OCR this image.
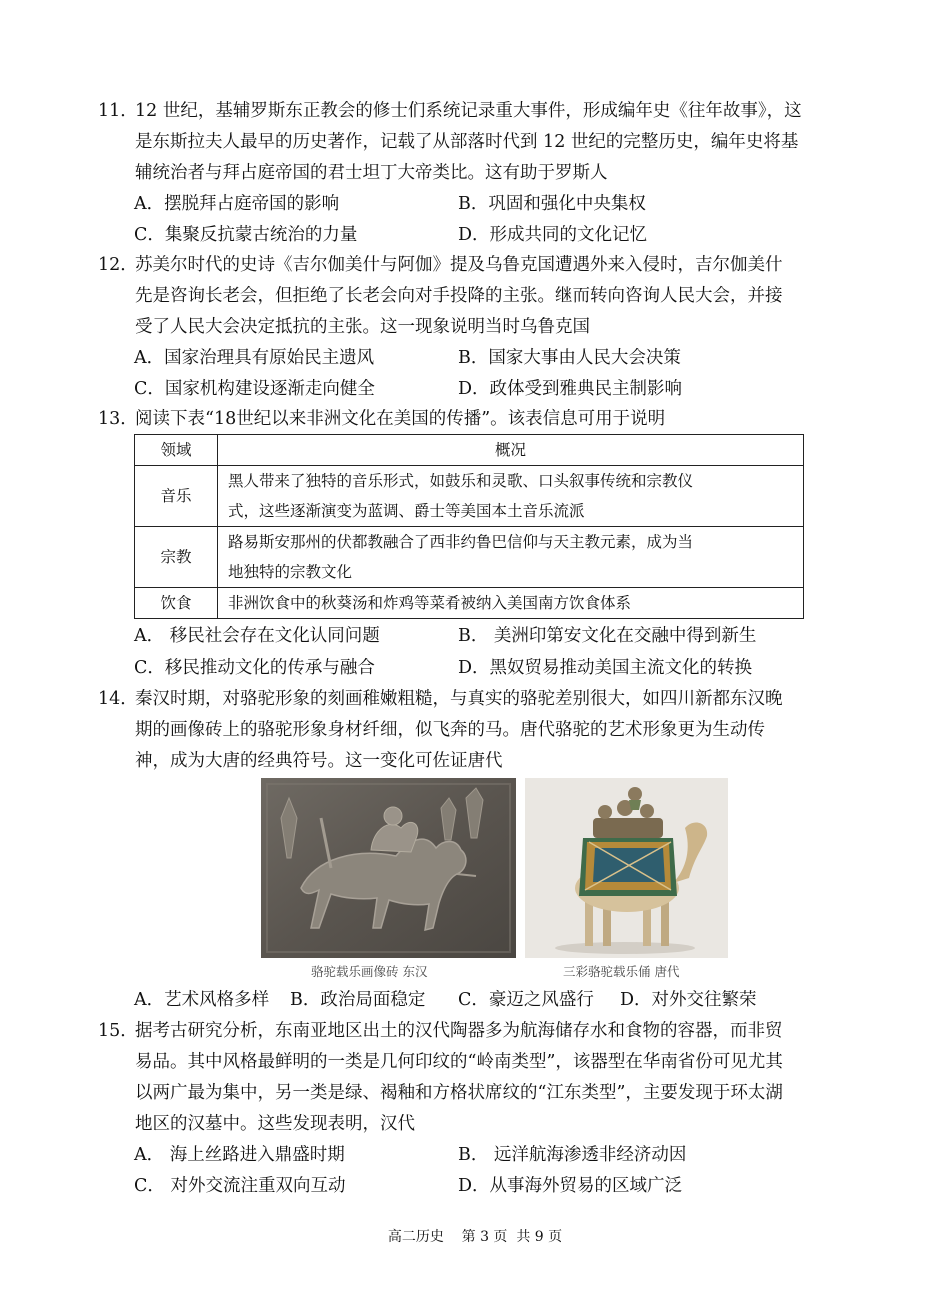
11．
12 世纪，基辅罗斯东正教会的修士们系统记录重大事件，形成编年史《往年故事》，这
是东斯拉夫人最早的历史著作，记载了从部落时代到 12 世纪的完整历史，编年史将基
辅统治者与拜占庭帝国的君士坦丁大帝类比。这有助于罗斯人
A．摆脱拜占庭帝国的影响	B．巩固和强化中央集权
C．集聚反抗蒙古统治的力量	D．形成共同的文化记忆
12．
苏美尔时代的史诗《吉尔伽美什与阿伽》提及乌鲁克国遭遇外来入侵时，吉尔伽美什
先是咨询长老会，但拒绝了长老会向对手投降的主张。继而转向咨询人民大会，并接
受了人民大会决定抵抗的主张。这一现象说明当时乌鲁克国
A．国家治理具有原始民主遗风	B．国家大事由人民大会决策
C．国家机构建设逐渐走向健全	D．政体受到雅典民主制影响
13．
阅读下表“18世纪以来非洲文化在美国的传播”。该表信息可用于说明
领域	概况
音乐	黑人带来了独特的音乐形式，如鼓乐和灵歌、口头叙事传统和宗教仪
式，这些逐渐演变为蓝调、爵士等美国本土音乐流派

宗教	路易斯安那州的伏都教融合了西非约鲁巴信仰与天主教元素，成为当
地独特的宗教文化

饮食	非洲饮食中的秋葵汤和炸鸡等菜肴被纳入美国南方饮食体系
A． 移民社会存在文化认同问题	B． 美洲印第安文化在交融中得到新生
C．移民推动文化的传承与融合	D．黑奴贸易推动美国主流文化的转换
14．
秦汉时期，对骆驼形象的刻画稚嫩粗糙，与真实的骆驼差别很大，如四川新都东汉晚
期的画像砖上的骆驼形象身材纤细，似飞奔的马。唐代骆驼的艺术形象更为生动传
神，成为大唐的经典符号。这一变化可佐证唐代
骆驼载乐画像砖 东汉	三彩骆驼载乐俑 唐代
A．艺术风格多样 B．政治局面稳定 C．豪迈之风盛行 D．对外交往繁荣
15．
据考古研究分析，东南亚地区出土的汉代陶器多为航海储存水和食物的容器，而非贸
易品。其中风格最鲜明的一类是几何印纹的“岭南类型”，该器型在华南省份可见尤其
以两广最为集中，另一类是绿、褐釉和方格状席纹的“江东类型”，主要发现于环太湖
地区的汉墓中。这些发现表明，汉代
A． 海上丝路进入鼎盛时期	B． 远洋航海渗透非经济动因
C． 对外交流注重双向互动	D．从事海外贸易的区域广泛
高二历史    第 3 页  共 9 页
